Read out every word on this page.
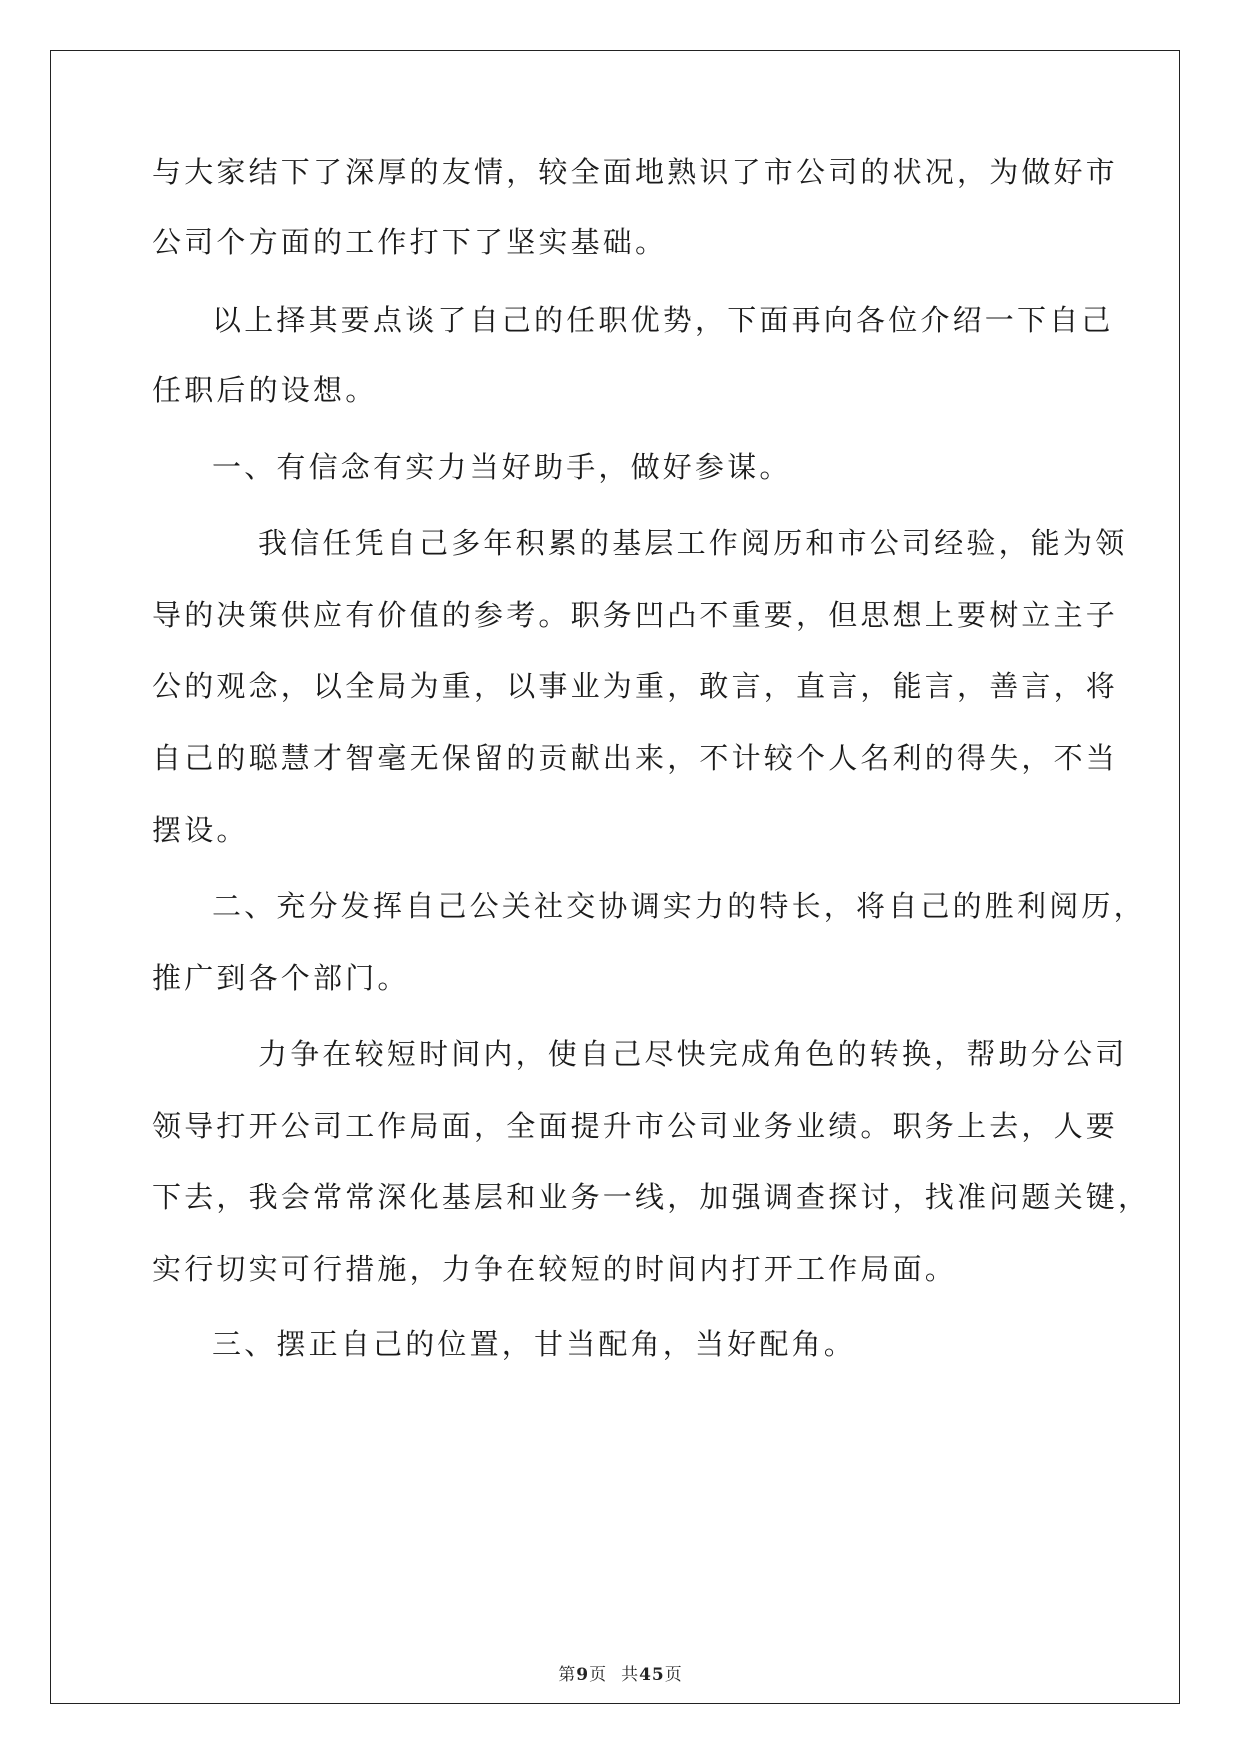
与大家结下了深厚的友情，较全面地熟识了市公司的状况，为做好市
公司个方面的工作打下了坚实基础。
以上择其要点谈了自己的任职优势，下面再向各位介绍一下自己
任职后的设想。
一、有信念有实力当好助手，做好参谋。
我信任凭自己多年积累的基层工作阅历和市公司经验，能为领
导的决策供应有价值的参考。职务凹凸不重要，但思想上要树立主子
公的观念，以全局为重，以事业为重，敢言，直言，能言，善言，将
自己的聪慧才智毫无保留的贡献出来，不计较个人名利的得失，不当
摆设。
二、充分发挥自己公关社交协调实力的特长，将自己的胜利阅历，
推广到各个部门。
力争在较短时间内，使自己尽快完成角色的转换，帮助分公司
领导打开公司工作局面，全面提升市公司业务业绩。职务上去，人要
下去，我会常常深化基层和业务一线，加强调查探讨，找准问题关键，
实行切实可行措施，力争在较短的时间内打开工作局面。
三、摆正自己的位置，甘当配角，当好配角。
第9页 共45页
